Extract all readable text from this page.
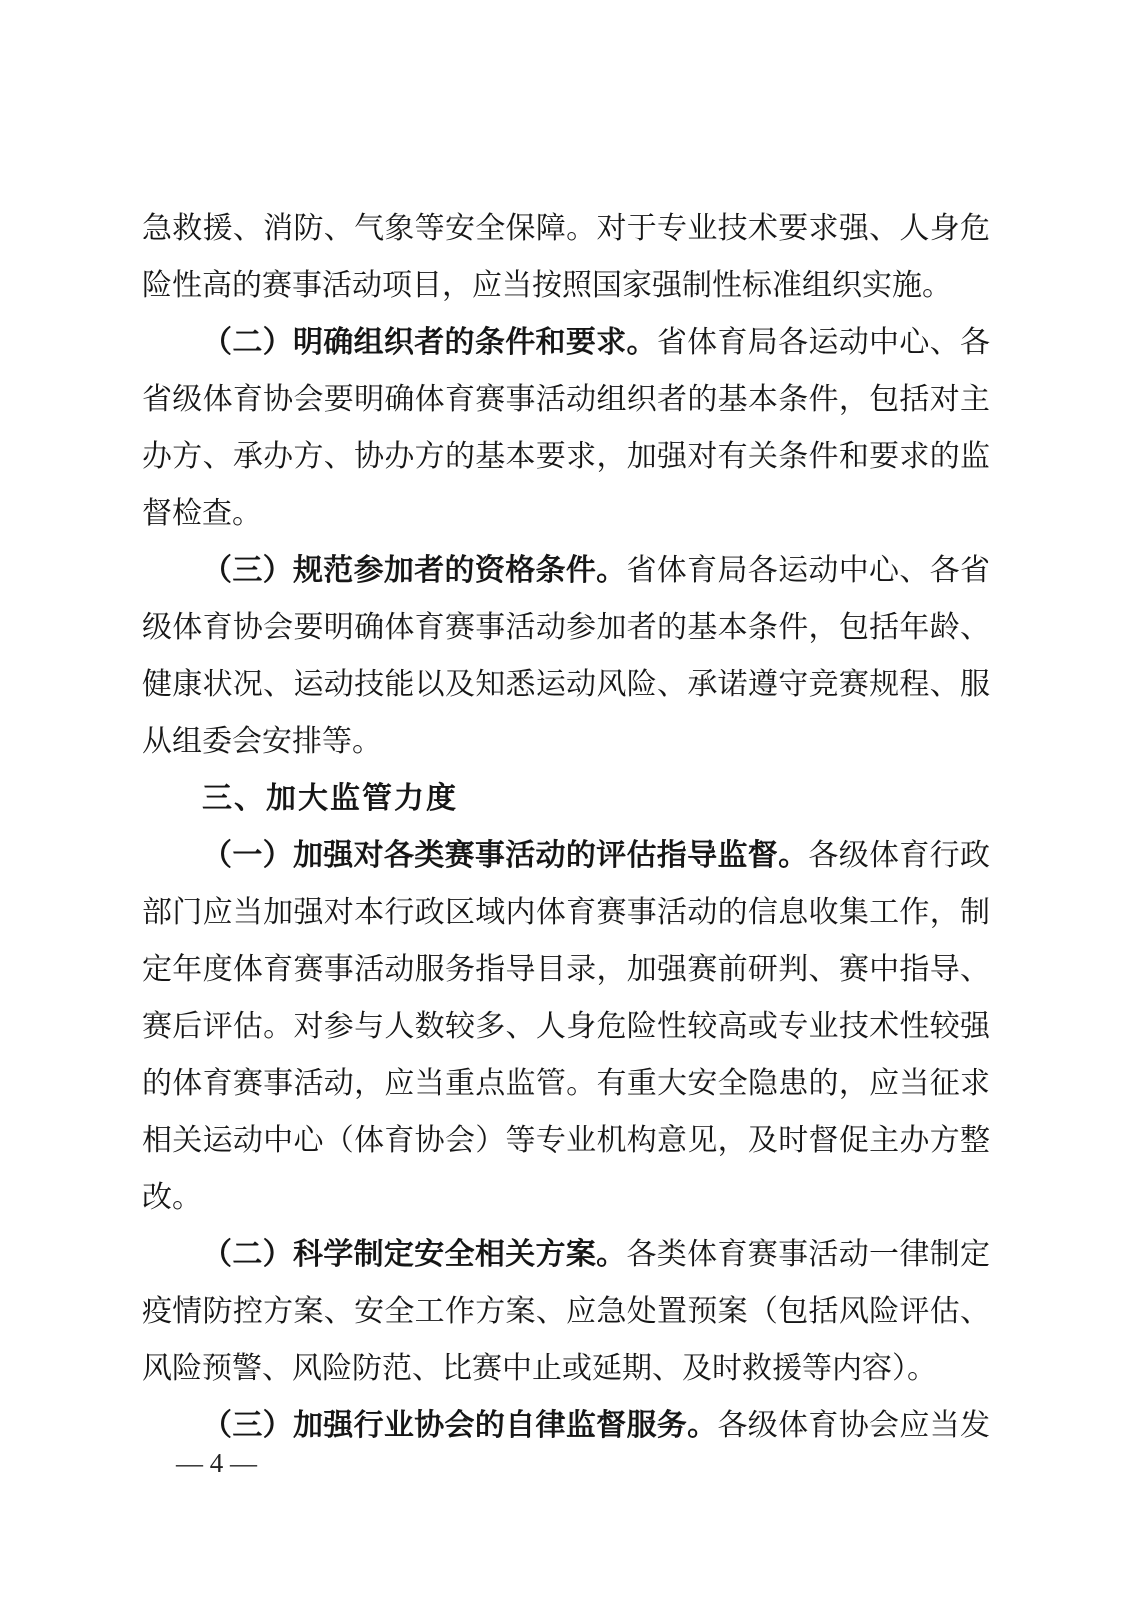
急救援、消防、气象等安全保障。对于专业技术要求强、人身危
险性高的赛事活动项目，应当按照国家强制性标准组织实施。
（二）明确组织者的条件和要求。省体育局各运动中心、各
省级体育协会要明确体育赛事活动组织者的基本条件，包括对主
办方、承办方、协办方的基本要求，加强对有关条件和要求的监
督检查。
（三）规范参加者的资格条件。省体育局各运动中心、各省
级体育协会要明确体育赛事活动参加者的基本条件，包括年龄、
健康状况、运动技能以及知悉运动风险、承诺遵守竞赛规程、服
从组委会安排等。
三、加大监管力度
（一）加强对各类赛事活动的评估指导监督。各级体育行政
部门应当加强对本行政区域内体育赛事活动的信息收集工作，制
定年度体育赛事活动服务指导目录，加强赛前研判、赛中指导、
赛后评估。对参与人数较多、人身危险性较高或专业技术性较强
的体育赛事活动，应当重点监管。有重大安全隐患的，应当征求
相关运动中心（体育协会）等专业机构意见，及时督促主办方整
改。
（二）科学制定安全相关方案。各类体育赛事活动一律制定
疫情防控方案、安全工作方案、应急处置预案（包括风险评估、
风险预警、风险防范、比赛中止或延期、及时救援等内容）。
（三）加强行业协会的自律监督服务。各级体育协会应当发
— 4 —
